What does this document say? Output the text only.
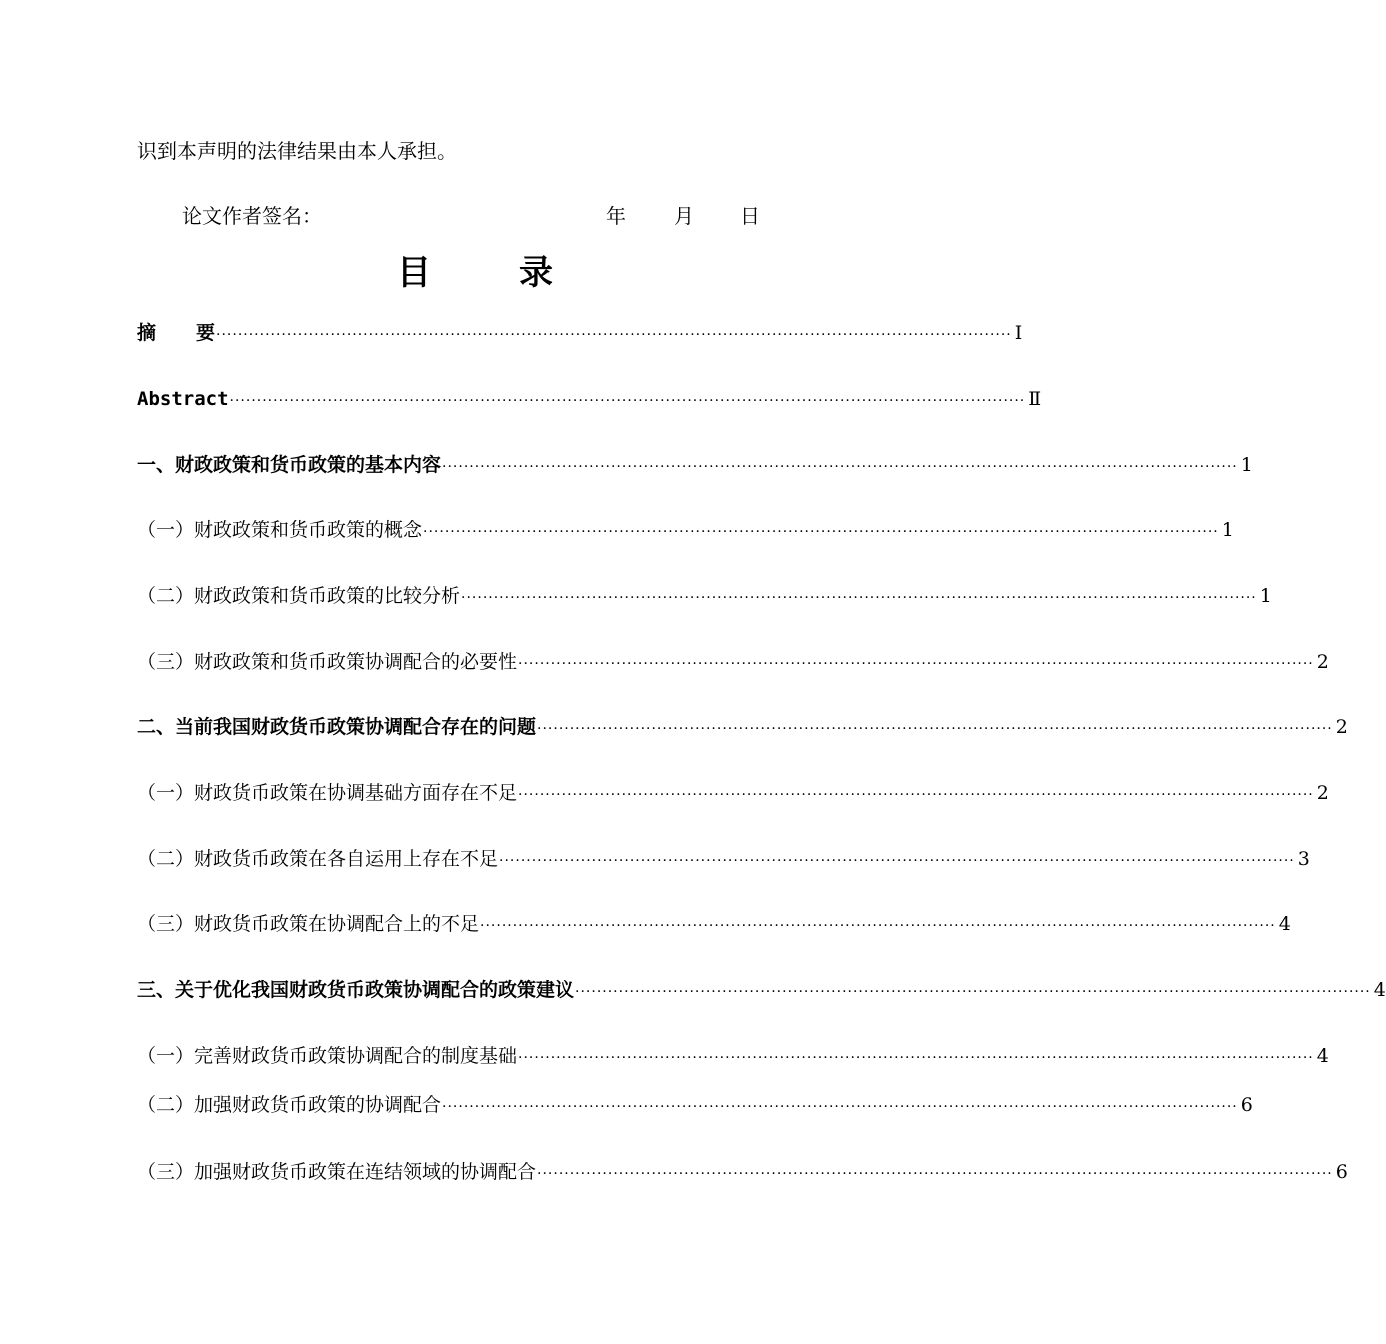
识到本声明的法律结果由本人承担。
论文作者签名：	年 月 日
目	录
摘 要 ·················································································································································· Ⅰ
Abstract ·················································································································································· Ⅱ
一、财政政策和货币政策的基本内容 ·················································································································································· 1
（一）财政政策和货币政策的概念 ·················································································································································· 1
（二）财政政策和货币政策的比较分析 ·················································································································································· 1
（三）财政政策和货币政策协调配合的必要性 ·················································································································································· 2
二、当前我国财政货币政策协调配合存在的问题 ·················································································································································· 2
（一）财政货币政策在协调基础方面存在不足 ·················································································································································· 2
（二）财政货币政策在各自运用上存在不足 ·················································································································································· 3
（三）财政货币政策在协调配合上的不足 ·················································································································································· 4
三、关于优化我国财政货币政策协调配合的政策建议 ·················································································································································· 4
（一）完善财政货币政策协调配合的制度基础 ·················································································································································· 4
（二）加强财政货币政策的协调配合 ·················································································································································· 6
（三）加强财政货币政策在连结领域的协调配合 ·················································································································································· 6
